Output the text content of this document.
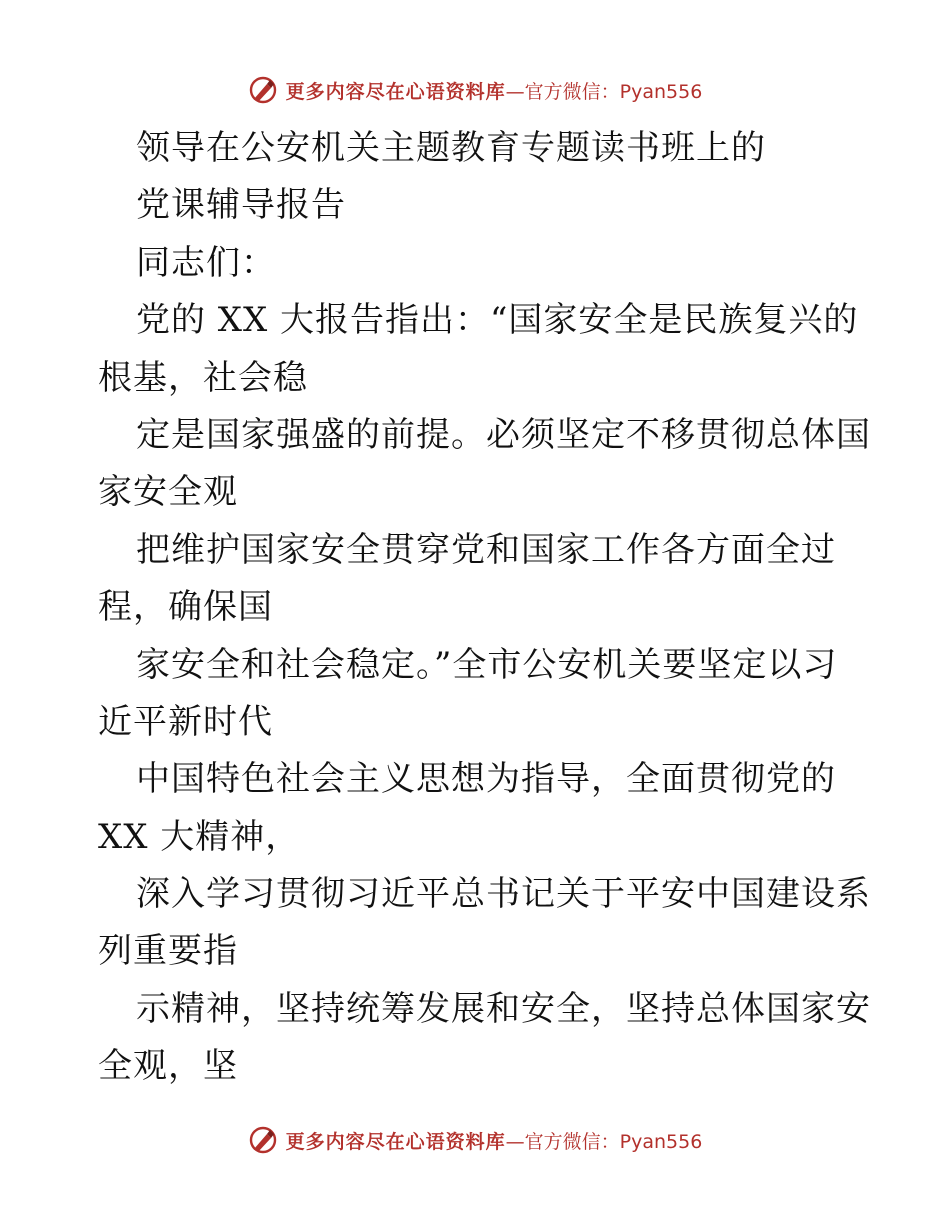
更多内容尽在心语资料库 —官方微信：Pyan556
领导在公安机关主题教育专题读书班上的
党课辅导报告
同志们：
党的 XX 大报告指出：“国家安全是民族复兴的
根基，社会稳
定是国家强盛的前提。必须坚定不移贯彻总体国
家安全观
把维护国家安全贯穿党和国家工作各方面全过
程，确保国
家安全和社会稳定。”全市公安机关要坚定以习
近平新时代
中国特色社会主义思想为指导，全面贯彻党的
XX 大精神，
深入学习贯彻习近平总书记关于平安中国建设系
列重要指
示精神，坚持统筹发展和安全，坚持总体国家安
全观，坚
更多内容尽在心语资料库 —官方微信：Pyan556
